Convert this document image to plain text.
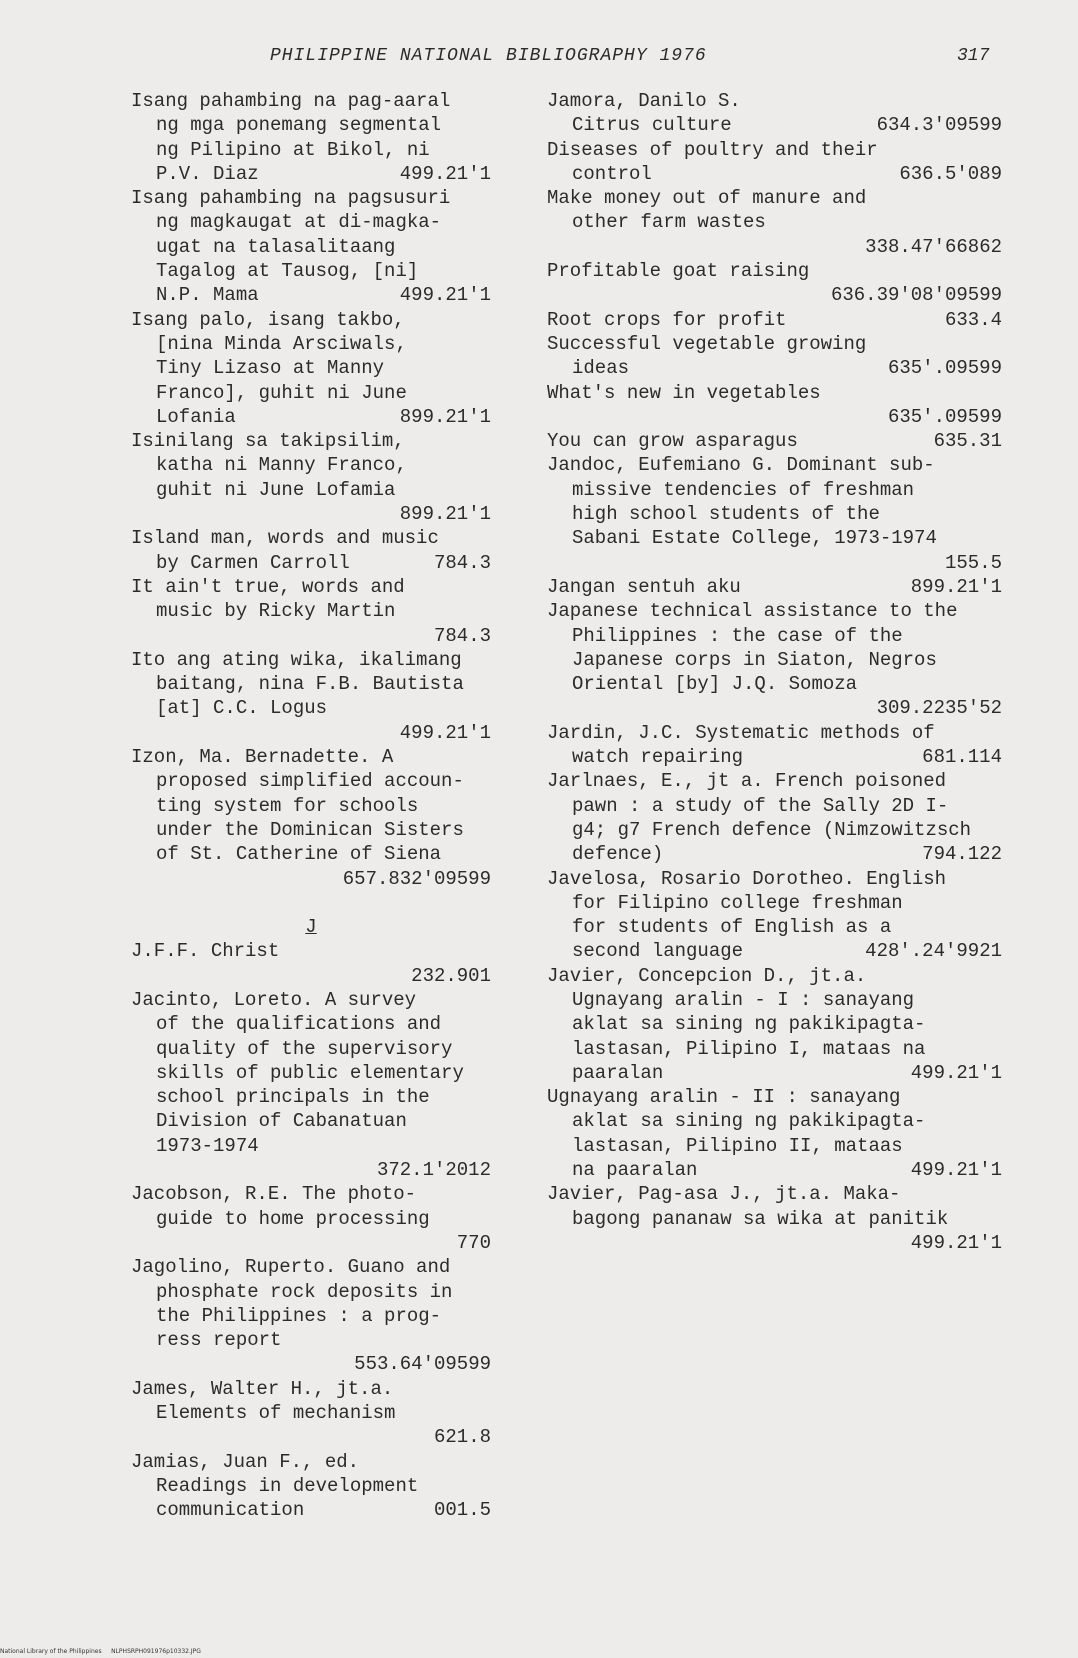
PHILIPPINE NATIONAL BIBLIOGRAPHY 1976	317
Isang pahambing na pag-aaral
ng mga ponemang segmental
ng Pilipino at Bikol, ni
P.V. Diaz	499.21'1
Isang pahambing na pagsusuri
ng magkaugat at di-magka-
ugat na talasalitaang
Tagalog at Tausog, [ni]
N.P. Mama	499.21'1
Isang palo, isang takbo,
[nina Minda Arsciwals,
Tiny Lizaso at Manny
Franco], guhit ni June
Lofania	899.21'1
Isinilang sa takipsilim,
katha ni Manny Franco,
guhit ni June Lofamia
899.21'1
Island man, words and music
by Carmen Carroll	784.3
It ain't true, words and
music by Ricky Martin
784.3
Ito ang ating wika, ikalimang
baitang, nina F.B. Bautista
[at] C.C. Logus
499.21'1
Izon, Ma. Bernadette. A
proposed simplified accoun-
ting system for schools
under the Dominican Sisters
of St. Catherine of Siena
657.832'09599
J
J.F.F. Christ
232.901
Jacinto, Loreto. A survey
of the qualifications and
quality of the supervisory
skills of public elementary
school principals in the
Division of Cabanatuan
1973-1974
372.1'2012
Jacobson, R.E. The photo-
guide to home processing
770
Jagolino, Ruperto. Guano and
phosphate rock deposits in
the Philippines : a prog-
ress report
553.64'09599
James, Walter H., jt.a.
Elements of mechanism
621.8
Jamias, Juan F., ed.
Readings in development
communication	001.5
Jamora, Danilo S.
Citrus culture	634.3'09599
Diseases of poultry and their
control	636.5'089
Make money out of manure and
other farm wastes
338.47'66862
Profitable goat raising
636.39'08'09599
Root crops for profit	633.4
Successful vegetable growing
ideas	635'.09599
What's new in vegetables
635'.09599
You can grow asparagus	635.31
Jandoc, Eufemiano G. Dominant sub-
missive tendencies of freshman
high school students of the
Sabani Estate College, 1973-1974
155.5
Jangan sentuh aku	899.21'1
Japanese technical assistance to the
Philippines : the case of the
Japanese corps in Siaton, Negros
Oriental [by] J.Q. Somoza
309.2235'52
Jardin, J.C. Systematic methods of
watch repairing	681.114
Jarlnaes, E., jt a. French poisoned
pawn : a study of the Sally 2D I-
g4; g7 French defence (Nimzowitzsch
defence)	794.122
Javelosa, Rosario Dorotheo. English
for Filipino college freshman
for students of English as a
second language	428'.24'9921
Javier, Concepcion D., jt.a.
Ugnayang aralin - I : sanayang
aklat sa sining ng pakikipagta-
lastasan, Pilipino I, mataas na
paaralan	499.21'1
Ugnayang aralin - II : sanayang
aklat sa sining ng pakikipagta-
lastasan, Pilipino II, mataas
na paaralan	499.21'1
Javier, Pag-asa J., jt.a. Maka-
bagong pananaw sa wika at panitik
499.21'1
National Library of the Philippines     NLPHSRPH091976p10332.JPG
